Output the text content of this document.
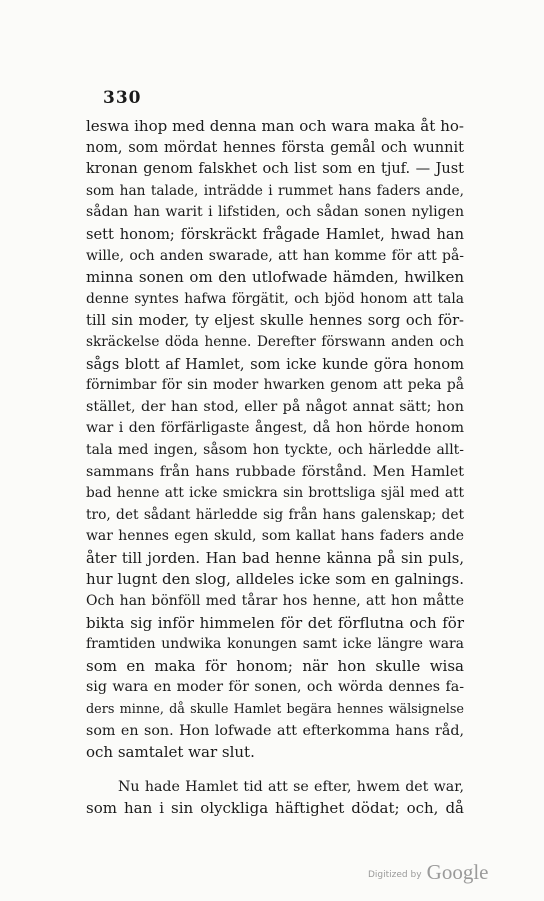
330
leswa ihop med denna man och wara maka åt ho-
nom, som mördat hennes första gemål och wunnit
kronan genom falskhet och list som en tjuf. — Just
som han talade, inträdde i rummet hans faders ande,
sådan han warit i lifstiden, och sådan sonen nyligen
sett honom; förskräckt frågade Hamlet, hwad han
wille, och anden swarade, att han komme för att på-
minna sonen om den utlofwade hämden, hwilken
denne syntes hafwa förgätit, och bjöd honom att tala
till sin moder, ty eljest skulle hennes sorg och för-
skräckelse döda henne. Derefter förswann anden och
sågs blott af Hamlet, som icke kunde göra honom
förnimbar för sin moder hwarken genom att peka på
stället, der han stod, eller på något annat sätt; hon
war i den förfärligaste ångest, då hon hörde honom
tala med ingen, såsom hon tyckte, och härledde allt-
sammans från hans rubbade förstånd. Men Hamlet
bad henne att icke smickra sin brottsliga själ med att
tro, det sådant härledde sig från hans galenskap; det
war hennes egen skuld, som kallat hans faders ande
åter till jorden. Han bad henne känna på sin puls,
hur lugnt den slog, alldeles icke som en galnings.
Och han bönföll med tårar hos henne, att hon måtte
bikta sig inför himmelen för det förflutna och för
framtiden undwika konungen samt icke längre wara
som en maka för honom; när hon skulle wisa
sig wara en moder för sonen, och wörda dennes fa-
ders minne, då skulle Hamlet begära hennes wälsignelse
som en son. Hon lofwade att efterkomma hans råd,
och samtalet war slut.
Nu hade Hamlet tid att se efter, hwem det war,
som han i sin olyckliga häftighet dödat; och, då
Digitized by Google
